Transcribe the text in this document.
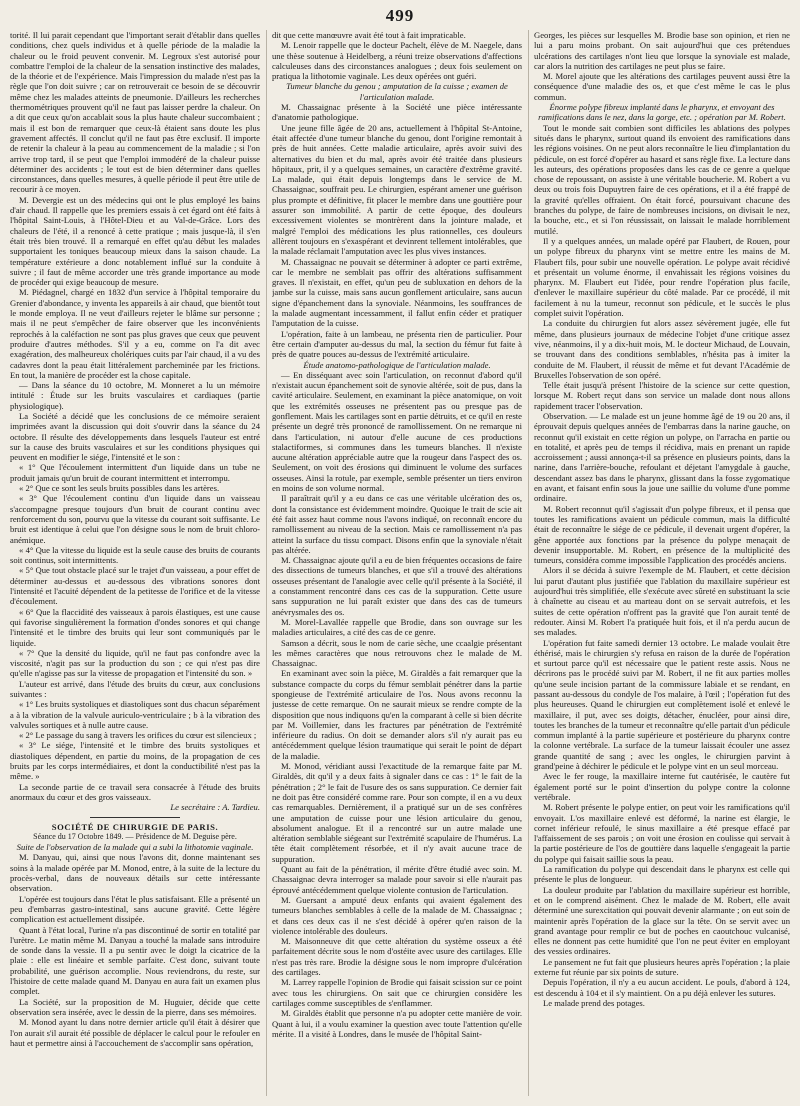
499

torité. Il lui parait cependant que l'important serait d'établir dans quelles conditions, chez quels individus et à quelle période de la maladie la chaleur ou le froid peuvent convenir. M. Legroux s'est autorisé pour combattre l'emploi de la chaleur de la sensation instinctive des malades, de la théorie et de l'expérience. Mais l'impression du malade n'est pas la règle que l'on doit suivre ; car on retrouverait ce besoin de se découvrir même chez les malades atteints de pneumonie. D'ailleurs les recherches thermométriques prouvent qu'il ne faut pas laisser perdre la chaleur. On a dit que ceux qu'on accablait sous la plus haute chaleur succombaient ; mais il est bon de remarquer que ceux-là étaient sans doute les plus gravement affectés. Il conclut qu'il ne faut pas être exclusif. Il importe de retenir la chaleur à la peau au commencement de la maladie ; si l'on arrive trop tard, il se peut que l'emploi immodéré de la chaleur puisse déterminer des accidents ; le tout est de bien déterminer dans quelles circonstances, dans quelles mesures, à quelle période il peut être utile de recourir à ce moyen.

M. Devergie est un des médecins qui ont le plus employé les bains d'air chaud. Il rappelle que les premiers essais à cet égard ont été faits à l'hôpital Saint-Louis, à l'Hôtel-Dieu et au Val-de-Grâce. Lors des chaleurs de l'été, il a renoncé à cette pratique ; mais jusque-là, il s'en était très bien trouvé. Il a remarqué en effet qu'au début les malades supportaient les toniques beaucoup mieux dans la saison chaude. La température extérieure a donc notablement influé sur la conduite à suivre ; il faut de même accorder une très grande importance au mode de procéder qui exige beaucoup de mesure.

M. Piédagnel, chargé en 1832 d'un service à l'hôpital temporaire du Grenier d'abondance, y inventa les appareils à air chaud, que bientôt tout le monde employa. Il ne veut d'ailleurs rejeter le blâme sur personne ; mais il ne peut s'empêcher de faire observer que les inconvénients reprochés à la caléfaction ne sont pas plus graves que ceux que peuvent produire d'autres méthodes. S'il y a eu, comme on l'a dit avec exagération, des malheureux cholériques cuits par l'air chaud, il a vu des cadavres dont la peau était littéralement parcheminée par les frictions. En tout, la manière de procéder est la chose capitale.

— Dans la séance du 10 octobre, M. Monneret a lu un mémoire intitulé : Étude sur les bruits vasculaires et cardiaques (partie physiologique).

La Société a décidé que les conclusions de ce mémoire seraient imprimées avant la discussion qui doit s'ouvrir dans la séance du 24 octobre. Il résulte des développements dans lesquels l'auteur est entré sur la cause des bruits vasculaires et sur les conditions physiques qui peuvent en modifier le siége, l'intensité et le son :

« 1° Que l'écoulement intermittent d'un liquide dans un tube ne produit jamais qu'un bruit de courant intermittent et interrompu.

« 2° Que ce sont les seuls bruits possibles dans les artères.

« 3° Que l'écoulement continu d'un liquide dans un vaisseau s'accompagne presque toujours d'un bruit de courant continu avec renforcement du son, pourvu que la vitesse du courant soit suffisante. Le bruit est identique à celui que l'on désigne sous le nom de bruit chloro-anémique.

« 4° Que la vitesse du liquide est la seule cause des bruits de courants soit continus, soit intermittents.

« 5° Que tout obstacle placé sur le trajet d'un vaisseau, a pour effet de déterminer au-dessus et au-dessous des vibrations sonores dont l'intensité et l'acuité dépendent de la petitesse de l'orifice et de la vitesse d'écoulement.

« 6° Que la flaccidité des vaisseaux à parois élastiques, est une cause qui favorise singulièrement la formation d'ondes sonores et qui change l'intensité et le timbre des bruits qui leur sont communiqués par le liquide.

« 7° Que la densité du liquide, qu'il ne faut pas confondre avec la viscosité, n'agit pas sur la production du son ; ce qui n'est pas dire qu'elle n'agisse pas sur la vitesse de propagation et l'intensité du son. »

L'auteur est arrivé, dans l'étude des bruits du cœur, aux conclusions suivantes :

« 1° Les bruits systoliques et diastoliques sont dus chacun séparément a à la vibration de la valvule auriculo-ventriculaire ; b à la vibration des valvules sortiques et à nulle autre cause.

« 2° Le passage du sang à travers les orifices du cœur est silencieux ;

« 3° Le siége, l'intensité et le timbre des bruits systoliques et diastoliques dépendent, en partie du moins, de la propagation de ces bruits par les corps intermédiaires, et dont la conductibilité n'est pas la même. »

La seconde partie de ce travail sera consacrée à l'étude des bruits anormaux du cœur et des gros vaisseaux.

Le secrétaire : A. Tardieu.

SOCIÉTÉ DE CHIRURGIE DE PARIS.

Séance du 17 Octobre 1849. — Présidence de M. Deguise père.

Suite de l'observation de la malade qui a subi la lithotomie vaginale.

M. Danyau, qui, ainsi que nous l'avons dit, donne maintenant ses soins à la malade opérée par M. Monod, entre, à la suite de la lecture du procès-verbal, dans de nouveaux détails sur cette intéressante observation.

L'opérée est toujours dans l'état le plus satisfaisant. Elle a présenté un peu d'embarras gastro-intestinal, sans aucune gravité. Cette légère complication est actuellement dissipée.

Quant à l'état local, l'urine n'a pas discontinué de sortir en totalité par l'urètre. Le matin même M. Danyau a touché la malade sans introduire de sonde dans la vessie. Il a pu sentir avec le doigt la cicatrice de la plaie : elle est linéaire et semble parfaite. C'est donc, suivant toute probabilité, une guérison accomplie. Nous reviendrons, du reste, sur l'histoire de cette malade quand M. Danyau en aura fait un examen plus complet.

La Société, sur la proposition de M. Huguier, décide que cette observation sera insérée, avec le dessin de la pierre, dans ses mémoires.

M. Monod ayant lu dans notre dernier article qu'il était à désirer que l'on aurait s'il aurait été possible de déplacer le calcul pour le refouler en haut et permettre ainsi à l'accouchement de s'accomplir sans opération,

dit que cette manœuvre avait été tout à fait impraticable.

M. Lenoir rappelle que le docteur Pachelt, élève de M. Naegele, dans une thèse soutenue à Heidelberg, a réuni treize observations d'affections calculeuses dans des circonstances analogues ; deux fois seulement on pratiqua la lithotomie vaginale. Les deux opérées ont guéri.

Tumeur blanche du genou ; amputation de la cuisse ; examen de l'articulation malade.

M. Chassaignac présente à la Société une pièce intéressante d'anatomie pathologique.

Une jeune fille âgée de 20 ans, actuellement à l'hôpital St-Antoine, était affectée d'une tumeur blanche du genou, dont l'origine remontait à près de huit années. Cette maladie articulaire, après avoir suivi des alternatives du bien et du mal, après avoir été traitée dans plusieurs hôpitaux, prit, il y a quelques semaines, un caractère d'extrême gravité. La malade, qui était depuis longtemps dans le service de M. Chassaignac, souffrait peu. Le chirurgien, espérant amener une guérison plus prompte et définitive, fit placer le membre dans une gouttière pour assurer son immobilité. A partir de cette époque, des douleurs excessivement violentes se montrèrent dans la jointure malade, et malgré l'emploi des médications les plus rationnelles, ces douleurs allèrent toujours en s'exaspérant et devinrent tellement intolérables, que la malade réclamait l'amputation avec les plus vives instances.

M. Chassaignac ne pouvait se déterminer à adopter ce parti extrême, car le membre ne semblait pas offrir des altérations suffisamment graves. Il n'existait, en effet, qu'un peu de subluxation en dehors de la jambe sur la cuisse, mais sans aucun gonflement articulaire, sans aucun signe d'épanchement dans la synoviale. Néanmoins, les souffrances de la malade augmentant incessamment, il fallut enfin céder et pratiquer l'amputation de la cuisse.

L'opération, faite à un lambeau, ne présenta rien de particulier. Pour être certain d'amputer au-dessus du mal, la section du fémur fut faite à près de quatre pouces au-dessus de l'extrémité articulaire.

Étude anatomo-pathologique de l'articulation malade.

— En disséquant avec soin l'articulation, on reconnut d'abord qu'il n'existait aucun épanchement soit de synovie altérée, soit de pus, dans la cavité articulaire. Seulement, en examinant la pièce anatomique, on voit que les extrémités osseuses ne présentent pas ou presque pas de gonflement. Mais les cartilages sont en partie détruits, et ce qu'il en reste présente un degré très prononcé de ramollissement. On ne remarque ni dans l'articulation, ni autour d'elle aucune de ces productions stalactiformes, si communes dans les tumeurs blanches. Il n'existe aucune altération appréciable autre que la rougeur dans l'aspect des os. Seulement, on voit des érosions qui diminuent le volume des surfaces osseuses. Ainsi la rotule, par exemple, semble présenter un tiers environ en moins de son volume normal.

Il paraîtrait qu'il y a eu dans ce cas une véritable ulcération des os, dont la consistance est évidemment moindre. Quoique le trait de scie ait été fait assez haut comme nous l'avons indiqué, on reconnaît encore du ramollissement au niveau de la section. Mais ce ramollissement n'a pas atteint la surface du tissu compact. Disons enfin que la synoviale n'était pas altérée.

M. Chassaignac ajoute qu'il a eu de bien fréquentes occasions de faire des dissections de tumeurs blanches, et que s'il a trouvé des altérations osseuses présentant de l'analogie avec celle qu'il présente à la Société, il a constamment rencontré dans ces cas de la suppuration. Cette usure sans suppuration ne lui paraît exister que dans des cas de tumeurs anévrysmales des os.

M. Morel-Lavallée rappelle que Brodie, dans son ouvrage sur les maladies articulaires, a cité des cas de ce genre.

Samson a décrit, sous le nom de carie sèche, une ccaalgie présentant les mêmes caractères que nous retrouvons chez le malade de M. Chassaignac.

En examinant avec soin la pièce, M. Giraldès a fait remarquer que la substance compacte du corps du fémur semblait pénétrer dans la partie spongieuse de l'extrémité articulaire de l'os. Nous avons reconnu la justesse de cette remarque. On ne saurait mieux se rendre compte de la disposition que nous indiquons qu'en la comparant à celle si bien décrite par M. Voillemier, dans les fractures par pénétration de l'extrémité inférieure du radius. On doit se demander alors s'il n'y aurait pas eu antécédemment quelque lésion traumatique qui serait le point de départ de la maladie.

M. Monod, véridiant aussi l'exactitude de la remarque faite par M. Giraldès, dit qu'il y a deux faits à signaler dans ce cas : 1° le fait de la pénétration ; 2° le fait de l'usure des os sans suppuration. Ce dernier fait ne doit pas être considéré comme rare. Pour son compte, il en a vu deux cas remarquables. Dernièrement, il a pratiqué sur un de ses confrères une amputation de cuisse pour une lésion articulaire du genou, absolument analogue. Et il a rencontré sur un autre malade une altération semblable siégeant sur l'extrémité scapulaire de l'humérus. La tête était complètement résorbée, et il n'y avait aucune trace de suppuration.

Quant au fait de la pénétration, il mérite d'être étudié avec soin. M. Chassaignac devra interroger sa malade pour savoir si elle n'aurait pas éprouvé antécédemment quelque violente contusion de l'articulation.

M. Guersant a amputé deux enfants qui avaient également des tumeurs blanches semblables à celle de la malade de M. Chassaignac ; et dans ces deux cas il ne s'est décidé à opérer qu'en raison de la violence intolérable des douleurs.

M. Maisonneuve dit que cette altération du système osseux a été parfaitement décrite sous le nom d'ostéite avec usure des cartilages. Elle n'est pas très rare. Brodie la désigne sous le nom impropre d'ulcération des cartilages.

M. Larrey rappelle l'opinion de Brodie qui faisait scission sur ce point avec tous les chirurgiens. On sait que ce chirurgien considère les cartilages comme susceptibles de s'enflammer.

M. Giraldès établit que personne n'a pu adopter cette manière de voir. Quant à lui, il a voulu examiner la question avec toute l'attention qu'elle mérite. Il a visité à Londres, dans le musée de l'hôpital Saint-

Georges, les pièces sur lesquelles M. Brodie base son opinion, et rien ne lui a paru moins probant. On sait aujourd'hui que ces prétendues ulcérations des cartilages n'ont lieu que lorsque la synoviale est malade, car alors la nutrition des cartilages ne peut plus se faire.

M. Morel ajoute que les altérations des cartilages peuvent aussi être la conséquence d'une maladie des os, et que c'est même le cas le plus commun.

Énorme polype fibreux implanté dans le pharynx, et envoyant des ramifications dans le nez, dans la gorge, etc. ; opération par M. Robert.

Tout le monde sait combien sont difficiles les ablations des polypes situés dans le pharynx, surtout quand ils envoient des ramifications dans les régions voisines. On ne peut alors reconnaître le lieu d'implantation du pédicule, on est forcé d'opérer au hasard et sans règle fixe. La lecture dans les auteurs, des opérations proposées dans les cas de ce genre a quelque chose de repoussant, on assiste à une véritable boucherie. M. Robert a vu deux ou trois fois Dupuytren faire de ces opérations, et il a été frappé de la gravité qu'elles offraient. On était forcé, poursuivant chacune des branches du polype, de faire de nombreuses incisions, on divisait le nez, la bouche, etc., et si l'on réussissait, on laissait le malade horriblement mutilé.

Il y a quelques années, un malade opéré par Flaubert, de Rouen, pour un polype fibreux du pharynx vint se mettre entre les mains de M. Flaubert fils, pour subir une nouvelle opération. Le polype avait récidivé et présentait un volume énorme, il envahissait les régions voisines du pharynx. M. Flaubert eut l'idée, pour rendre l'opération plus facile, d'enlever le maxillaire supérieur du côté malade. Par ce procédé, il mit facilement à nu la tumeur, reconnut son pédicule, et le succès le plus complet suivit l'opération.

La conduite du chirurgien fut alors assez sévèrement jugée, elle fut même, dans plusieurs journaux de médecine l'objet d'une critique assez vive, néanmoins, il y a dix-huit mois, M. le docteur Michaud, de Louvain, se trouvant dans des conditions semblables, n'hésita pas à imiter la conduite de M. Flaubert, il réussit de même et fut devant l'Académie de Bruxelles l'observation de son opéré.

Telle était jusqu'à présent l'histoire de la science sur cette question, lorsque M. Robert reçut dans son service un malade dont nous allons rapidement tracer l'observation.

Observation. — Le malade est un jeune homme âgé de 19 ou 20 ans, il éprouvait depuis quelques années de l'embarras dans la narine gauche, on reconnut qu'il existait en cette région un polype, on l'arracha en partie ou en totalité, et après peu de temps il récidiva, mais en prenant un rapide accroissement ; aussi annonça-t-il sa présence en plusieurs points, dans la narine, dans l'arrière-bouche, refoulant et déjetant l'amygdale à gauche, descendant assez bas dans le pharynx, glissant dans la fosse zygomatique en avant, et faisant enfin sous la joue une saillie du volume d'une pomme ordinaire.

M. Robert reconnut qu'il s'agissait d'un polype fibreux, et il pensa que toutes les ramifications avaient un pédicule commun, mais la difficulté était de reconnaître le siége de ce pédicule, il devenait urgent d'opérer, la gêne apportée aux fonctions par la présence du polype menaçait de devenir insupportable. M. Robert, en présence de la multiplicité des tumeurs, considéra comme impossible l'application des procédés anciens.

Alors il se décida à suivre l'exemple de M. Flaubert, et cette décision lui parut d'autant plus justifiée que l'ablation du maxillaire supérieur est aujourd'hui très simplifiée, elle s'exécute avec sûreté en substituant la scie à chaînette au ciseau et au marteau dont on se servait autrefois, et les suites de cette opération n'offrent pas la gravité que l'on aurait tenté de redouter. Ainsi M. Robert l'a pratiquée huit fois, et il n'a perdu aucun de ses malades.

L'opération fut faite samedi dernier 13 octobre. Le malade voulait être éthérisé, mais le chirurgien s'y refusa en raison de la durée de l'opération et surtout parce qu'il est nécessaire que le patient reste assis. Nous ne décrirons pas le procédé suivi par M. Robert, il ne fit aux parties molles qu'une seule incision partant de la commissure labiale et se rendant, en passant au-dessous du condyle de l'os malaire, à l'œil ; l'opération fut des plus heureuses. Quand le chirurgien eut complètement isolé et enlevé le maxillaire, il put, avec ses doigts, détacher, énucléer, pour ainsi dire, toutes les branches de la tumeur et reconnaître qu'elle partait d'un pédicule commun implanté à la partie supérieure et postérieure du pharynx contre la colonne vertébrale. La surface de la tumeur laissait écouler une assez grande quantité de sang ; avec les ongles, le chirurgien parvint à grand'peine à déchirer le pédicule et le polype vint en un seul morceau.

Avec le fer rouge, la maxillaire interne fut cautérisée, le cautère fut également porté sur le point d'insertion du polype contre la colonne vertébrale.

M. Robert présente le polype entier, on peut voir les ramifications qu'il envoyait. L'os maxillaire enlevé est déformé, la narine est élargie, le cornet inférieur refoulé, le sinus maxillaire a été presque effacé par l'affaissement de ses parois ; on voit une érosion en coulisse qui servait à la partie postérieure de l'os de gouttière dans laquelle s'engageait la partie du polype qui faisait saillie sous la peau.

La ramification du polype qui descendait dans le pharynx est celle qui présente le plus de longueur.

La douleur produite par l'ablation du maxillaire supérieur est horrible, et on le comprend aisément. Chez le malade de M. Robert, elle avait déterminé une surexcitation qui pouvait devenir alarmante ; on eut soin de maintenir après l'opération de la glace sur la tête. On se servit avec un grand avantage pour remplir ce but de poches en caoutchouc vulcanisé, elles ne donnent pas cette humidité que l'on ne peut éviter en employant des vessies ordinaires.

Le pansement ne fut fait que plusieurs heures après l'opération ; la plaie externe fut réunie par six points de suture.

Depuis l'opération, il n'y a eu aucun accident. Le pouls, d'abord à 124, est descendu à 104 et il s'y maintient. On a pu déjà enlever les sutures.

Le malade prend des potages.
